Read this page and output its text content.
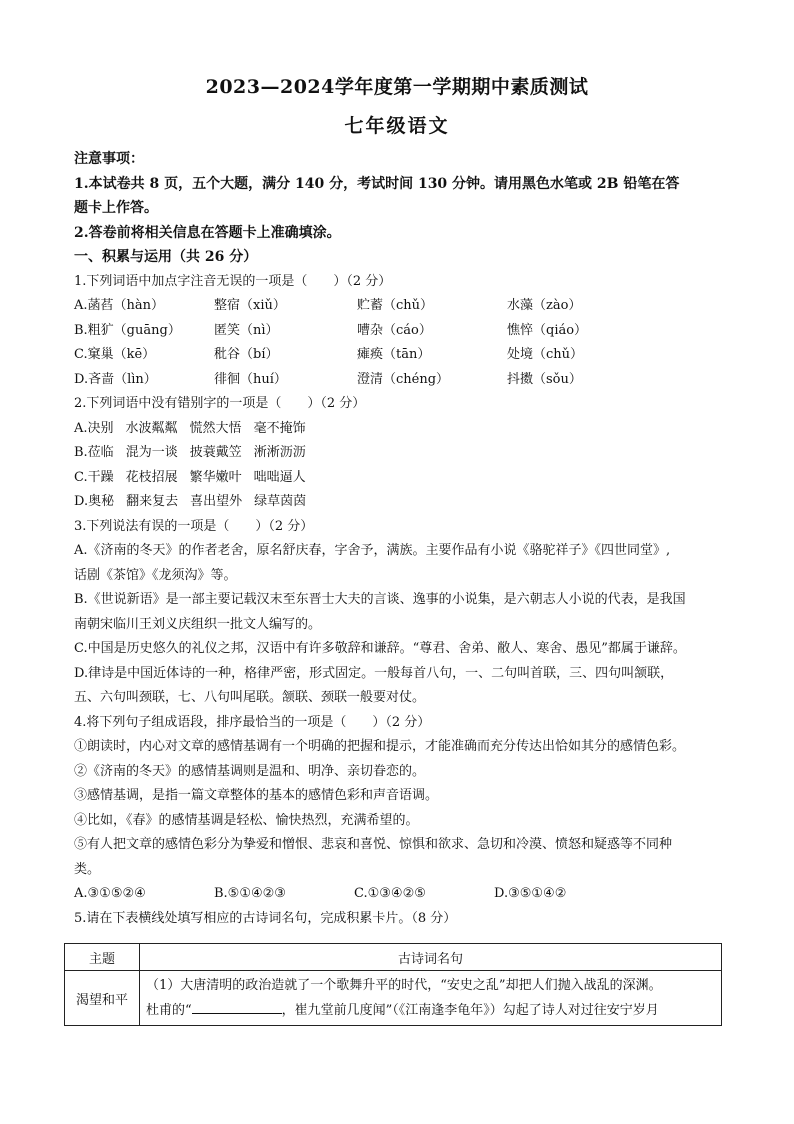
2023—2024学年度第一学期期中素质测试
七年级语文
注意事项：
1.本试卷共 8 页，五个大题，满分 140 分，考试时间 130 分钟。请用黑色水笔或 2B 铅笔在答
题卡上作答。
2.答卷前将相关信息在答题卡上准确填涂。
一、积累与运用（共 26 分）
1.下列词语中加点字注音无误的一项是（　　）（2 分）
A.菡萏（hàn）	整宿（xiǔ）	贮蓄（chǔ）	水藻（zào）
B.粗犷（guāng）	匿笑（nì）	嘈杂（cáo）	憔悴（qiáo）
C.窠巢（kē）	秕谷（bí）	瘫痪（tān）	处境（chǔ）
D.吝啬（lìn）	徘徊（huí）	澄清（chéng）	抖擞（sǒu）
2.下列词语中没有错别字的一项是（　　）（2 分）
A.决别 水波粼粼 慌然大悟 毫不掩饰
B.莅临 混为一谈 披蓑戴笠 淅淅沥沥
C.干躁 花枝招展 繁华嫩叶 咄咄逼人
D.奥秘 翻来复去 喜出望外 绿草茵茵
3.下列说法有误的一项是（　　）（2 分）
A.《济南的冬天》的作者老舍，原名舒庆春，字舍予，满族。主要作品有小说《骆驼祥子》《四世同堂》,
话剧《茶馆》《龙须沟》等。
B.《世说新语》是一部主要记载汉末至东晋士大夫的言谈、逸事的小说集，是六朝志人小说的代表，是我国
南朝宋临川王刘义庆组织一批文人编写的。
C.中国是历史悠久的礼仪之邦，汉语中有许多敬辞和谦辞。“尊君、舍弟、敝人、寒舍、愚见”都属于谦辞。
D.律诗是中国近体诗的一种，格律严密，形式固定。一般每首八句，一、二句叫首联，三、四句叫颔联，
五、六句叫颈联，七、八句叫尾联。颔联、颈联一般要对仗。
4.将下列句子组成语段，排序最恰当的一项是（　　）（2 分）
①朗读时，内心对文章的感情基调有一个明确的把握和提示，才能准确而充分传达出恰如其分的感情色彩。
②《济南的冬天》的感情基调则是温和、明净、亲切眷恋的。
③感情基调，是指一篇文章整体的基本的感情色彩和声音语调。
④比如，《春》的感情基调是轻松、愉快热烈，充满希望的。
⑤有人把文章的感情色彩分为挚爱和憎恨、悲哀和喜悦、惊惧和欲求、急切和冷漠、愤怒和疑惑等不同种
类。
A.③①⑤②④	B.⑤①④②③	C.①③④②⑤	D.③⑤①④②
5.请在下表横线处填写相应的古诗词名句，完成积累卡片。（8 分）
主题	古诗词名句
渴望和平	（1）大唐清明的政治造就了一个歌舞升平的时代，“安史之乱”却把人们抛入战乱的深渊。
杜甫的“ ，崔九堂前几度闻”（《江南逢李龟年》）勾起了诗人对过往安宁岁月
